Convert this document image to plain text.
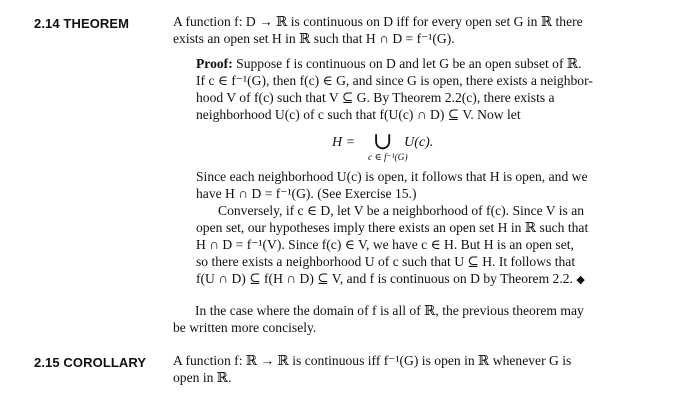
2.14 THEOREM	A function f: D → ℝ is continuous on D iff for every open set G in ℝ there
exists an open set H in ℝ such that H ∩ D = f⁻¹(G).
Proof: Suppose f is continuous on D and let G be an open subset of ℝ.
If c ∈ f⁻¹(G), then f(c) ∈ G, and since G is open, there exists a neighbor-
hood V of f(c) such that V ⊆ G. By Theorem 2.2(c), there exists a
neighborhood U(c) of c such that f(U(c) ∩ D) ⊆ V. Now let
H = ∪ U(c).
c ∈ f⁻¹(G)
Since each neighborhood U(c) is open, it follows that H is open, and we
have H ∩ D = f⁻¹(G). (See Exercise 15.)
Conversely, if c ∈ D, let V be a neighborhood of f(c). Since V is an
open set, our hypotheses imply there exists an open set H in ℝ such that
H ∩ D = f⁻¹(V). Since f(c) ∈ V, we have c ∈ H. But H is an open set,
so there exists a neighborhood U of c such that U ⊆ H. It follows that
f(U ∩ D) ⊆ f(H ∩ D) ⊆ V, and f is continuous on D by Theorem 2.2. ◆
In the case where the domain of f is all of ℝ, the previous theorem may
be written more concisely.
2.15 COROLLARY A function f: ℝ → ℝ is continuous iff f⁻¹(G) is open in ℝ whenever G is
open in ℝ.
